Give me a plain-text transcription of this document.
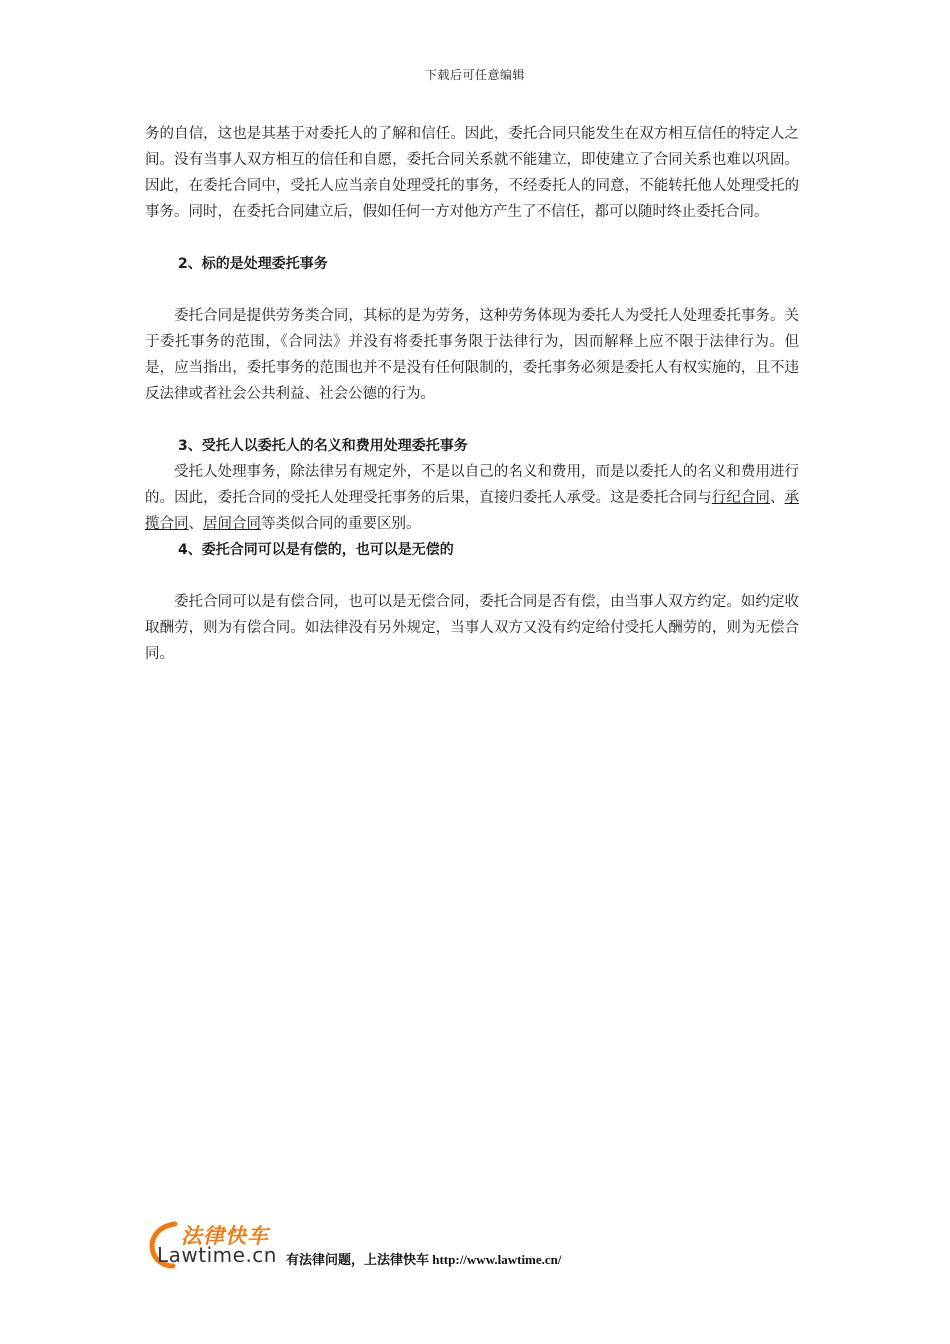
下载后可任意编辑

务的自信，这也是其基于对委托人的了解和信任。因此，委托合同只能发生在双方相互信任的特定人之间。没有当事人双方相互的信任和自愿，委托合同关系就不能建立，即使建立了合同关系也难以巩固。因此，在委托合同中，受托人应当亲自处理受托的事务，不经委托人的同意，不能转托他人处理受托的事务。同时，在委托合同建立后，假如任何一方对他方产生了不信任，都可以随时终止委托合同。

2、标的是处理委托事务

委托合同是提供劳务类合同，其标的是为劳务，这种劳务体现为委托人为受托人处理委托事务。关于委托事务的范围，《合同法》并没有将委托事务限于法律行为，因而解释上应不限于法律行为。但是，应当指出，委托事务的范围也并不是没有任何限制的，委托事务必须是委托人有权实施的，且不违反法律或者社会公共利益、社会公德的行为。

3、受托人以委托人的名义和费用处理委托事务

受托人处理事务，除法律另有规定外，不是以自己的名义和费用，而是以委托人的名义和费用进行的。因此，委托合同的受托人处理受托事务的后果，直接归委托人承受。这是委托合同与行纪合同、承揽合同、居间合同等类似合同的重要区别。

4、委托合同可以是有偿的，也可以是无偿的

委托合同可以是有偿合同，也可以是无偿合同，委托合同是否有偿，由当事人双方约定。如约定收取酬劳，则为有偿合同。如法律没有另外规定，当事人双方又没有约定给付受托人酬劳的，则为无偿合同。

法律快车
Lawtime.cn 有法律问题，上法律快车 http://www.lawtime.cn/
